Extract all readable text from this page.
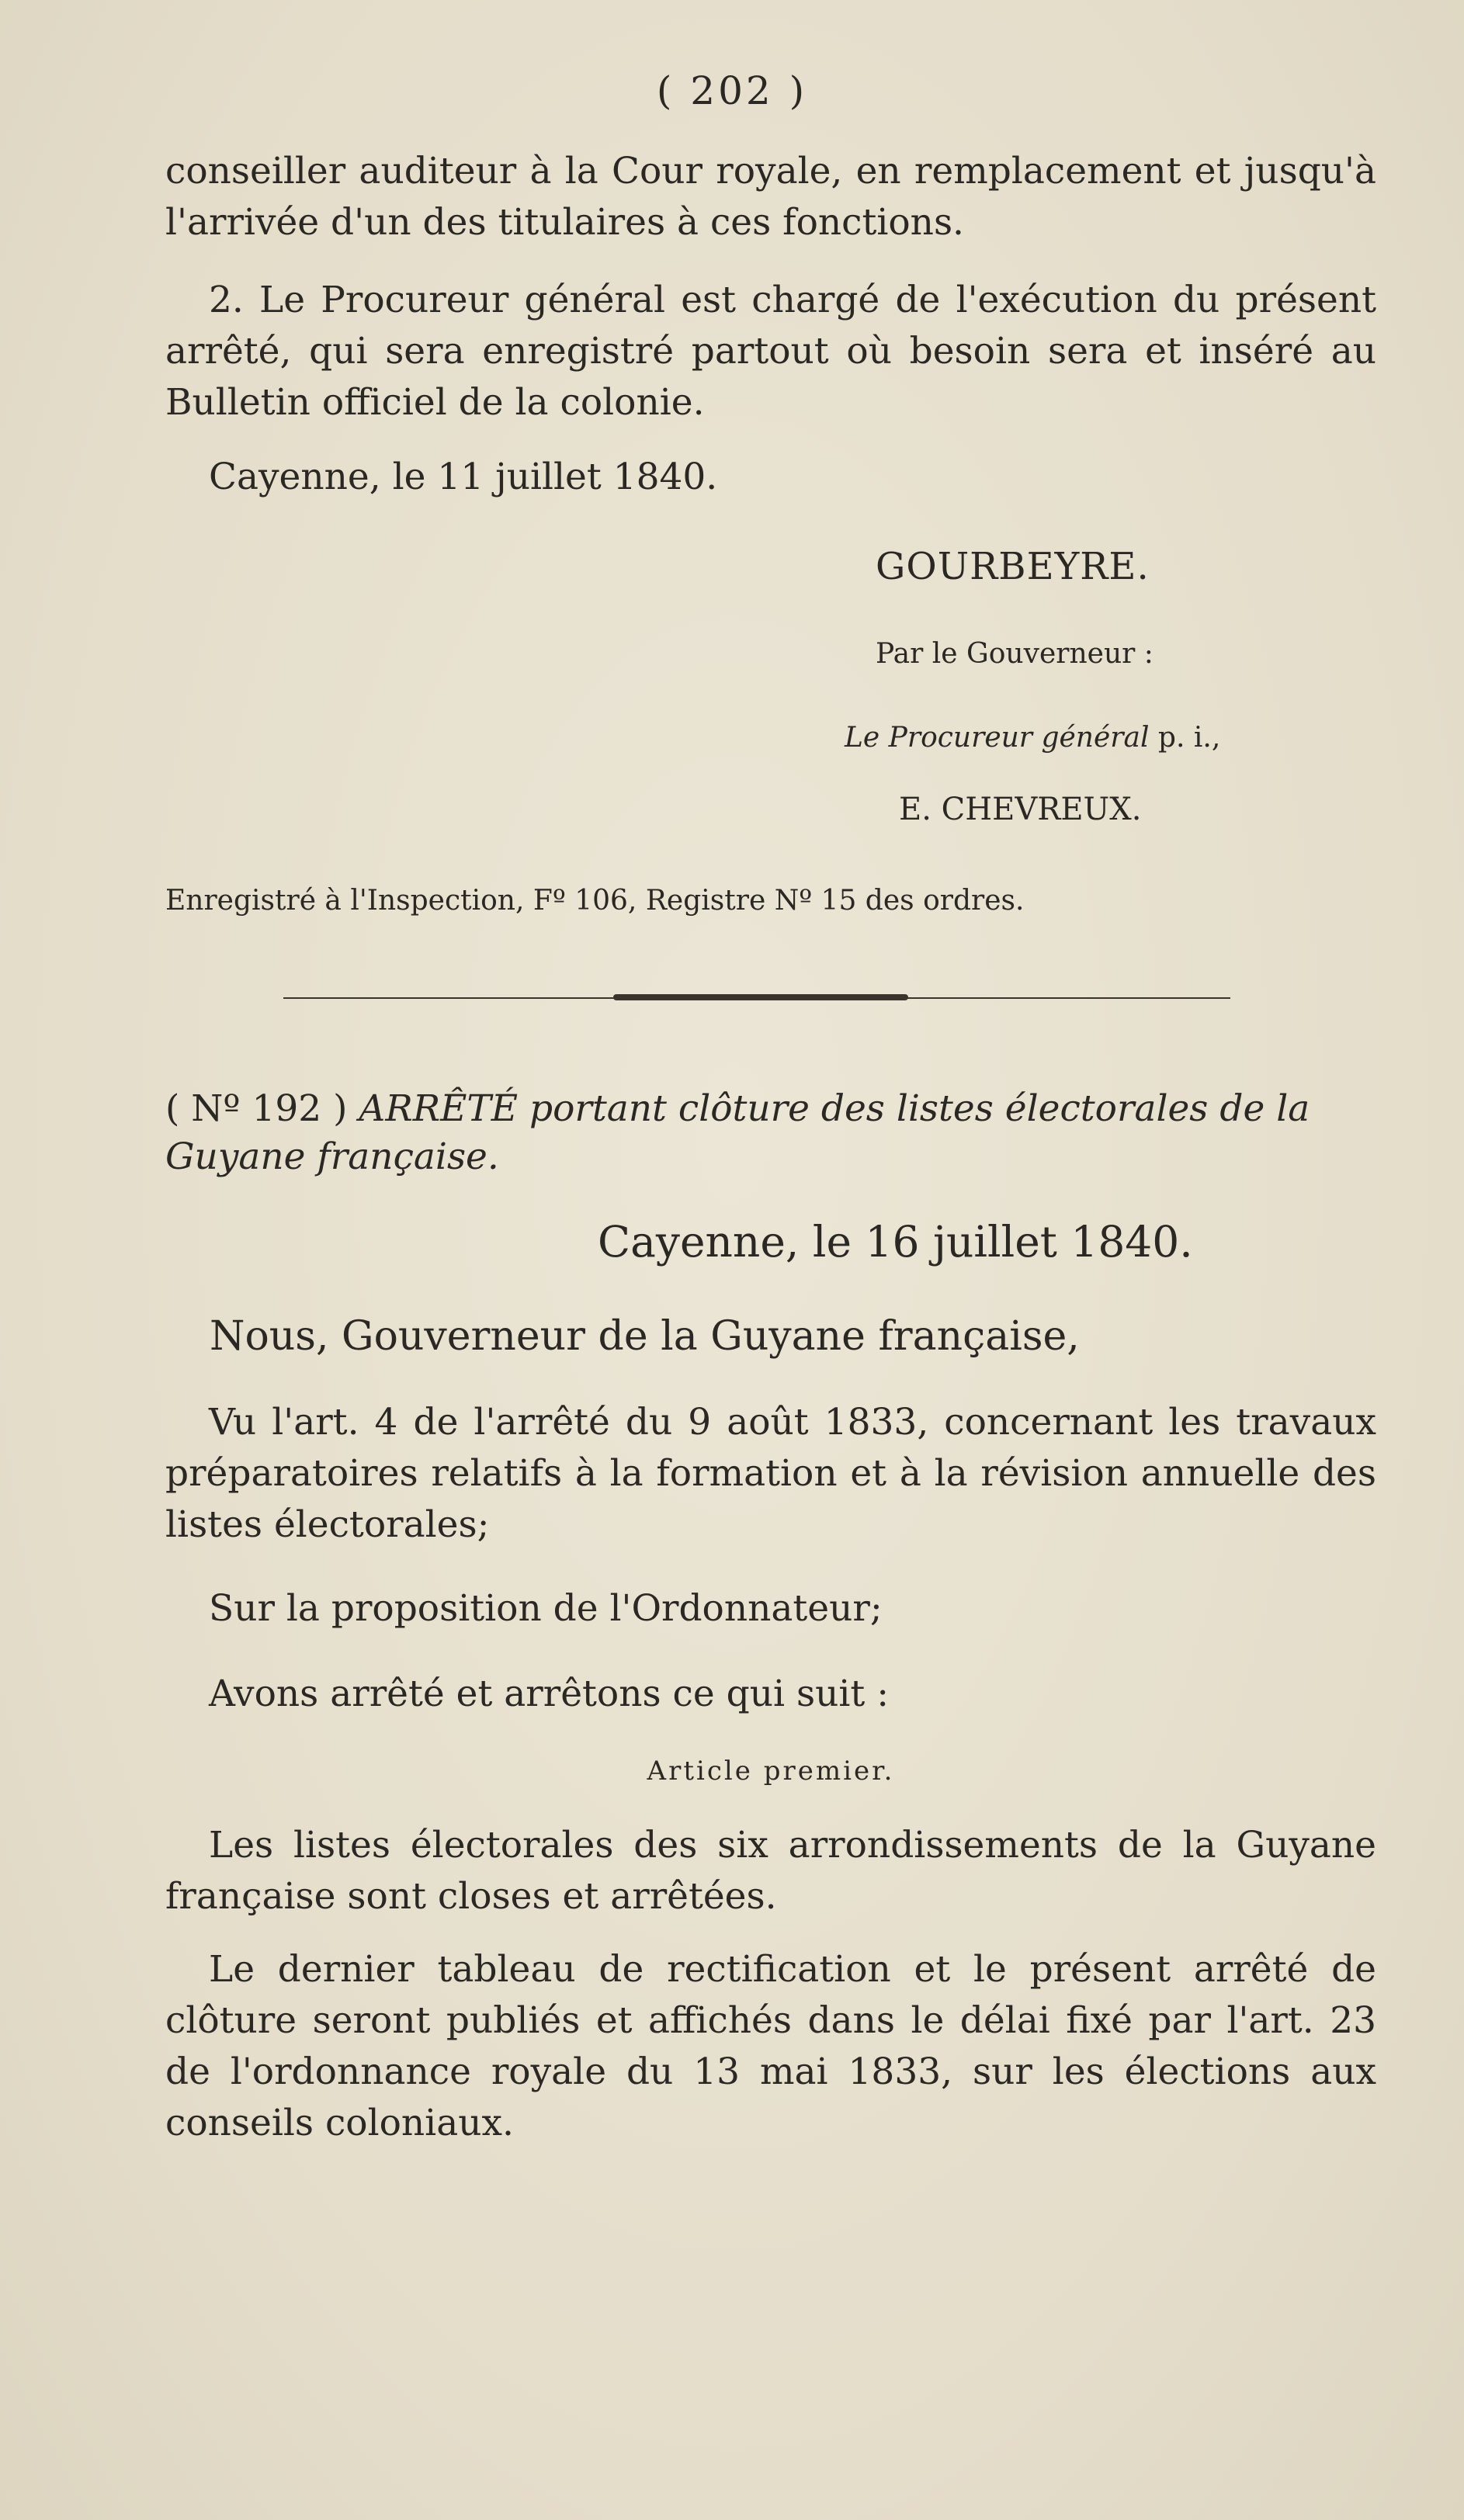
( 202 )
conseiller auditeur à la Cour royale, en remplacement et jusqu'à l'arrivée d'un des titulaires à ces fonctions.
2. Le Procureur général est chargé de l'exécution du présent arrêté, qui sera enregistré partout où besoin sera et inséré au Bulletin officiel de la colonie.
Cayenne, le 11 juillet 1840.
GOURBEYRE.
Par le Gouverneur :
Le Procureur général p. i.,
E. CHEVREUX.
Enregistré à l'Inspection, Fº 106, Registre Nº 15 des ordres.
( Nº 192 ) ARRÊTÉ portant clôture des listes électorales de la Guyane française.
Cayenne, le 16 juillet 1840.
Nous, Gouverneur de la Guyane française,
Vu l'art. 4 de l'arrêté du 9 août 1833, concernant les travaux préparatoires relatifs à la formation et à la révision annuelle des listes électorales;
Sur la proposition de l'Ordonnateur;
Avons arrêté et arrêtons ce qui suit :
Article premier.
Les listes électorales des six arrondissements de la Guyane française sont closes et arrêtées.
Le dernier tableau de rectification et le présent arrêté de clôture seront publiés et affichés dans le délai fixé par l'art. 23 de l'ordonnance royale du 13 mai 1833, sur les élections aux conseils coloniaux.
